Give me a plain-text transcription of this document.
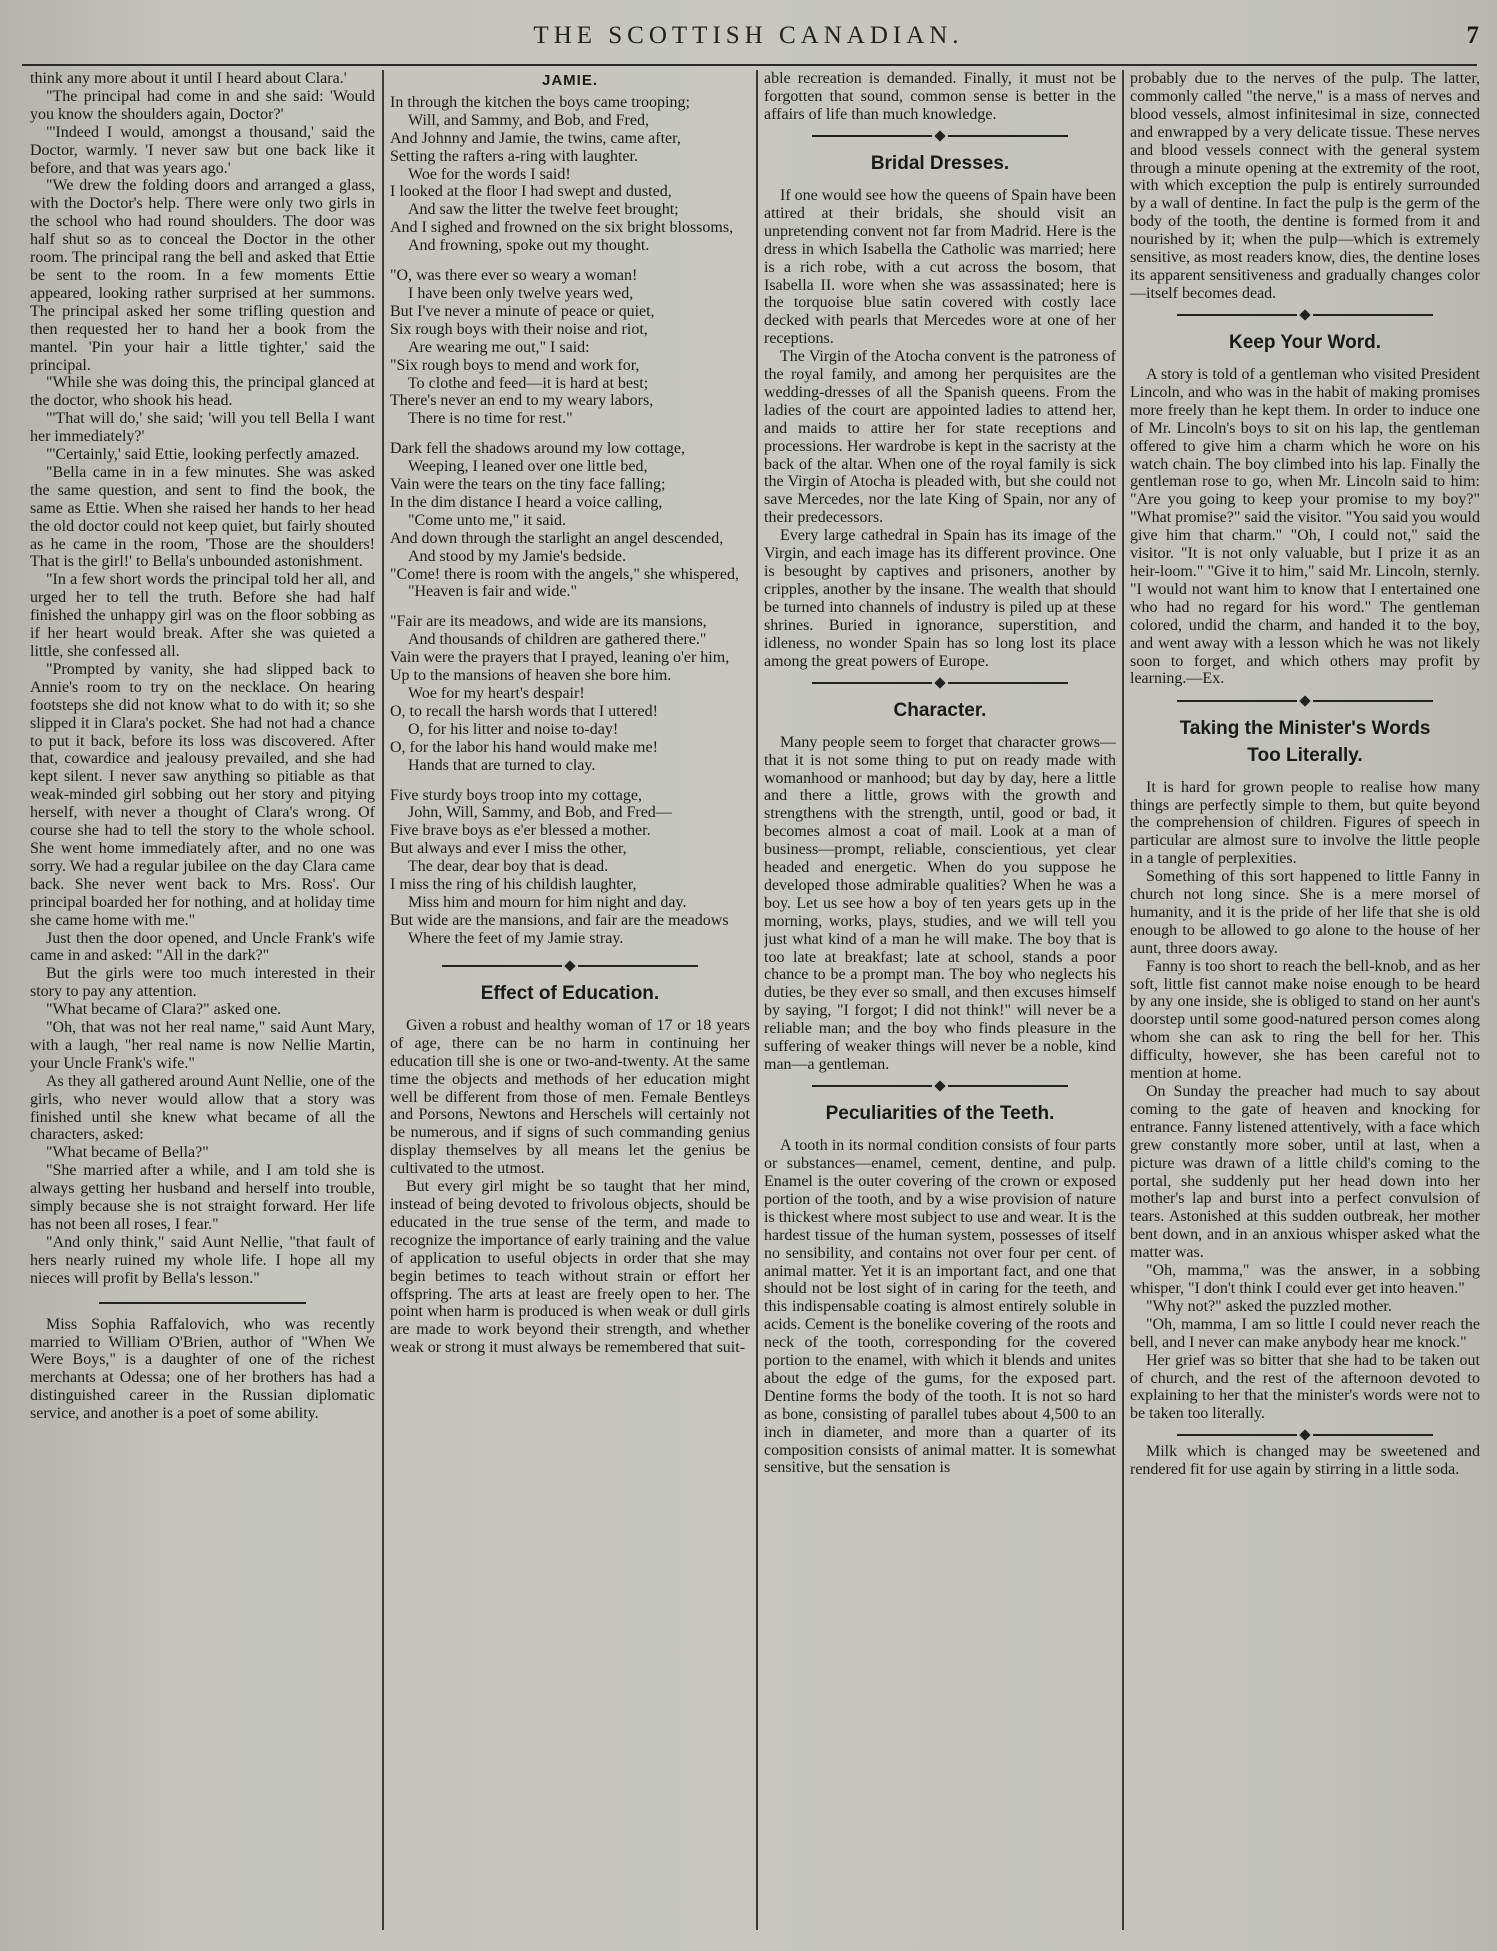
THE SCOTTISH CANADIAN.	7

think any more about it until I heard about Clara.'

"The principal had come in and she said: 'Would you know the shoulders again, Doctor?'

"'Indeed I would, amongst a thousand,' said the Doctor, warmly. 'I never saw but one back like it before, and that was years ago.'

"We drew the folding doors and arranged a glass, with the Doctor's help. There were only two girls in the school who had round shoulders. The door was half shut so as to conceal the Doctor in the other room. The principal rang the bell and asked that Ettie be sent to the room. In a few moments Ettie appeared, looking rather surprised at her summons. The principal asked her some trifling question and then requested her to hand her a book from the mantel. 'Pin your hair a little tighter,' said the principal.

"While she was doing this, the principal glanced at the doctor, who shook his head.

"'That will do,' she said; 'will you tell Bella I want her immediately?'

"'Certainly,' said Ettie, looking perfectly amazed.

"Bella came in in a few minutes. She was asked the same question, and sent to find the book, the same as Ettie. When she raised her hands to her head the old doctor could not keep quiet, but fairly shouted as he came in the room, 'Those are the shoulders! That is the girl!' to Bella's unbounded astonishment.

"In a few short words the principal told her all, and urged her to tell the truth. Before she had half finished the unhappy girl was on the floor sobbing as if her heart would break. After she was quieted a little, she confessed all.

"Prompted by vanity, she had slipped back to Annie's room to try on the necklace. On hearing footsteps she did not know what to do with it; so she slipped it in Clara's pocket. She had not had a chance to put it back, before its loss was discovered. After that, cowardice and jealousy prevailed, and she had kept silent. I never saw anything so pitiable as that weak-minded girl sobbing out her story and pitying herself, with never a thought of Clara's wrong. Of course she had to tell the story to the whole school. She went home immediately after, and no one was sorry. We had a regular jubilee on the day Clara came back. She never went back to Mrs. Ross'. Our principal boarded her for nothing, and at holiday time she came home with me."

Just then the door opened, and Uncle Frank's wife came in and asked: "All in the dark?"

But the girls were too much interested in their story to pay any attention.

"What became of Clara?" asked one.

"Oh, that was not her real name," said Aunt Mary, with a laugh, "her real name is now Nellie Martin, your Uncle Frank's wife."

As they all gathered around Aunt Nellie, one of the girls, who never would allow that a story was finished until she knew what became of all the characters, asked:

"What became of Bella?"

"She married after a while, and I am told she is always getting her husband and herself into trouble, simply because she is not straight forward. Her life has not been all roses, I fear."

"And only think," said Aunt Nellie, "that fault of hers nearly ruined my whole life. I hope all my nieces will profit by Bella's lesson."

Miss Sophia Raffalovich, who was recently married to William O'Brien, author of "When We Were Boys," is a daughter of one of the richest merchants at Odessa; one of her brothers has had a distinguished career in the Russian diplomatic service, and another is a poet of some ability.

JAMIE.

In through the kitchen the boys came trooping;

Will, and Sammy, and Bob, and Fred,

And Johnny and Jamie, the twins, came after,

Setting the rafters a-ring with laughter.

Woe for the words I said!

I looked at the floor I had swept and dusted,

And saw the litter the twelve feet brought;

And I sighed and frowned on the six bright blossoms,

And frowning, spoke out my thought.

"O, was there ever so weary a woman!

I have been only twelve years wed,

But I've never a minute of peace or quiet,

Six rough boys with their noise and riot,

Are wearing me out," I said:

"Six rough boys to mend and work for,

To clothe and feed—it is hard at best;

There's never an end to my weary labors,

There is no time for rest."

Dark fell the shadows around my low cottage,

Weeping, I leaned over one little bed,

Vain were the tears on the tiny face falling;

In the dim distance I heard a voice calling,

"Come unto me," it said.

And down through the starlight an angel descended,

And stood by my Jamie's bedside.

"Come! there is room with the angels," she whispered,

"Heaven is fair and wide."

"Fair are its meadows, and wide are its mansions,

And thousands of children are gathered there."

Vain were the prayers that I prayed, leaning o'er him,

Up to the mansions of heaven she bore him.

Woe for my heart's despair!

O, to recall the harsh words that I uttered!

O, for his litter and noise to-day!

O, for the labor his hand would make me!

Hands that are turned to clay.

Five sturdy boys troop into my cottage,

John, Will, Sammy, and Bob, and Fred—

Five brave boys as e'er blessed a mother.

But always and ever I miss the other,

The dear, dear boy that is dead.

I miss the ring of his childish laughter,

Miss him and mourn for him night and day.

But wide are the mansions, and fair are the meadows

Where the feet of my Jamie stray.

Effect of Education.

Given a robust and healthy woman of 17 or 18 years of age, there can be no harm in continuing her education till she is one or two-and-twenty. At the same time the objects and methods of her education might well be different from those of men. Female Bentleys and Porsons, Newtons and Herschels will certainly not be numerous, and if signs of such commanding genius display themselves by all means let the genius be cultivated to the utmost.

But every girl might be so taught that her mind, instead of being devoted to frivolous objects, should be educated in the true sense of the term, and made to recognize the importance of early training and the value of application to useful objects in order that she may begin betimes to teach without strain or effort her offspring. The arts at least are freely open to her. The point when harm is produced is when weak or dull girls are made to work beyond their strength, and whether weak or strong it must always be remembered that suit-

able recreation is demanded. Finally, it must not be forgotten that sound, common sense is better in the affairs of life than much knowledge.

Bridal Dresses.

If one would see how the queens of Spain have been attired at their bridals, she should visit an unpretending convent not far from Madrid. Here is the dress in which Isabella the Catholic was married; here is a rich robe, with a cut across the bosom, that Isabella II. wore when she was assassinated; here is the torquoise blue satin covered with costly lace decked with pearls that Mercedes wore at one of her receptions.

The Virgin of the Atocha convent is the patroness of the royal family, and among her perquisites are the wedding-dresses of all the Spanish queens. From the ladies of the court are appointed ladies to attend her, and maids to attire her for state receptions and processions. Her wardrobe is kept in the sacristy at the back of the altar. When one of the royal family is sick the Virgin of Atocha is pleaded with, but she could not save Mercedes, nor the late King of Spain, nor any of their predecessors.

Every large cathedral in Spain has its image of the Virgin, and each image has its different province. One is besought by captives and prisoners, another by cripples, another by the insane. The wealth that should be turned into channels of industry is piled up at these shrines. Buried in ignorance, superstition, and idleness, no wonder Spain has so long lost its place among the great powers of Europe.

Character.

Many people seem to forget that character grows—that it is not some thing to put on ready made with womanhood or manhood; but day by day, here a little and there a little, grows with the growth and strengthens with the strength, until, good or bad, it becomes almost a coat of mail. Look at a man of business—prompt, reliable, conscientious, yet clear headed and energetic. When do you suppose he developed those admirable qualities? When he was a boy. Let us see how a boy of ten years gets up in the morning, works, plays, studies, and we will tell you just what kind of a man he will make. The boy that is too late at breakfast; late at school, stands a poor chance to be a prompt man. The boy who neglects his duties, be they ever so small, and then excuses himself by saying, "I forgot; I did not think!" will never be a reliable man; and the boy who finds pleasure in the suffering of weaker things will never be a noble, kind man—a gentleman.

Peculiarities of the Teeth.

A tooth in its normal condition consists of four parts or substances—enamel, cement, dentine, and pulp. Enamel is the outer covering of the crown or exposed portion of the tooth, and by a wise provision of nature is thickest where most subject to use and wear. It is the hardest tissue of the human system, possesses of itself no sensibility, and contains not over four per cent. of animal matter. Yet it is an important fact, and one that should not be lost sight of in caring for the teeth, and this indispensable coating is almost entirely soluble in acids. Cement is the bonelike covering of the roots and neck of the tooth, corresponding for the covered portion to the enamel, with which it blends and unites about the edge of the gums, for the exposed part. Dentine forms the body of the tooth. It is not so hard as bone, consisting of parallel tubes about 4,500 to an inch in diameter, and more than a quarter of its composition consists of animal matter. It is somewhat sensitive, but the sensation is

probably due to the nerves of the pulp. The latter, commonly called "the nerve," is a mass of nerves and blood vessels, almost infinitesimal in size, connected and enwrapped by a very delicate tissue. These nerves and blood vessels connect with the general system through a minute opening at the extremity of the root, with which exception the pulp is entirely surrounded by a wall of dentine. In fact the pulp is the germ of the body of the tooth, the dentine is formed from it and nourished by it; when the pulp—which is extremely sensitive, as most readers know, dies, the dentine loses its apparent sensitiveness and gradually changes color—itself becomes dead.

Keep Your Word.

A story is told of a gentleman who visited President Lincoln, and who was in the habit of making promises more freely than he kept them. In order to induce one of Mr. Lincoln's boys to sit on his lap, the gentleman offered to give him a charm which he wore on his watch chain. The boy climbed into his lap. Finally the gentleman rose to go, when Mr. Lincoln said to him: "Are you going to keep your promise to my boy?" "What promise?" said the visitor. "You said you would give him that charm." "Oh, I could not," said the visitor. "It is not only valuable, but I prize it as an heir-loom." "Give it to him," said Mr. Lincoln, sternly. "I would not want him to know that I entertained one who had no regard for his word." The gentleman colored, undid the charm, and handed it to the boy, and went away with a lesson which he was not likely soon to forget, and which others may profit by learning.—Ex.

Taking the Minister's Words
Too Literally.

It is hard for grown people to realise how many things are perfectly simple to them, but quite beyond the comprehension of children. Figures of speech in particular are almost sure to involve the little people in a tangle of perplexities.

Something of this sort happened to little Fanny in church not long since. She is a mere morsel of humanity, and it is the pride of her life that she is old enough to be allowed to go alone to the house of her aunt, three doors away.

Fanny is too short to reach the bell-knob, and as her soft, little fist cannot make noise enough to be heard by any one inside, she is obliged to stand on her aunt's doorstep until some good-natured person comes along whom she can ask to ring the bell for her. This difficulty, however, she has been careful not to mention at home.

On Sunday the preacher had much to say about coming to the gate of heaven and knocking for entrance. Fanny listened attentively, with a face which grew constantly more sober, until at last, when a picture was drawn of a little child's coming to the portal, she suddenly put her head down into her mother's lap and burst into a perfect convulsion of tears. Astonished at this sudden outbreak, her mother bent down, and in an anxious whisper asked what the matter was.

"Oh, mamma," was the answer, in a sobbing whisper, "I don't think I could ever get into heaven."

"Why not?" asked the puzzled mother.

"Oh, mamma, I am so little I could never reach the bell, and I never can make anybody hear me knock."

Her grief was so bitter that she had to be taken out of church, and the rest of the afternoon devoted to explaining to her that the minister's words were not to be taken too literally.

Milk which is changed may be sweetened and rendered fit for use again by stirring in a little soda.
